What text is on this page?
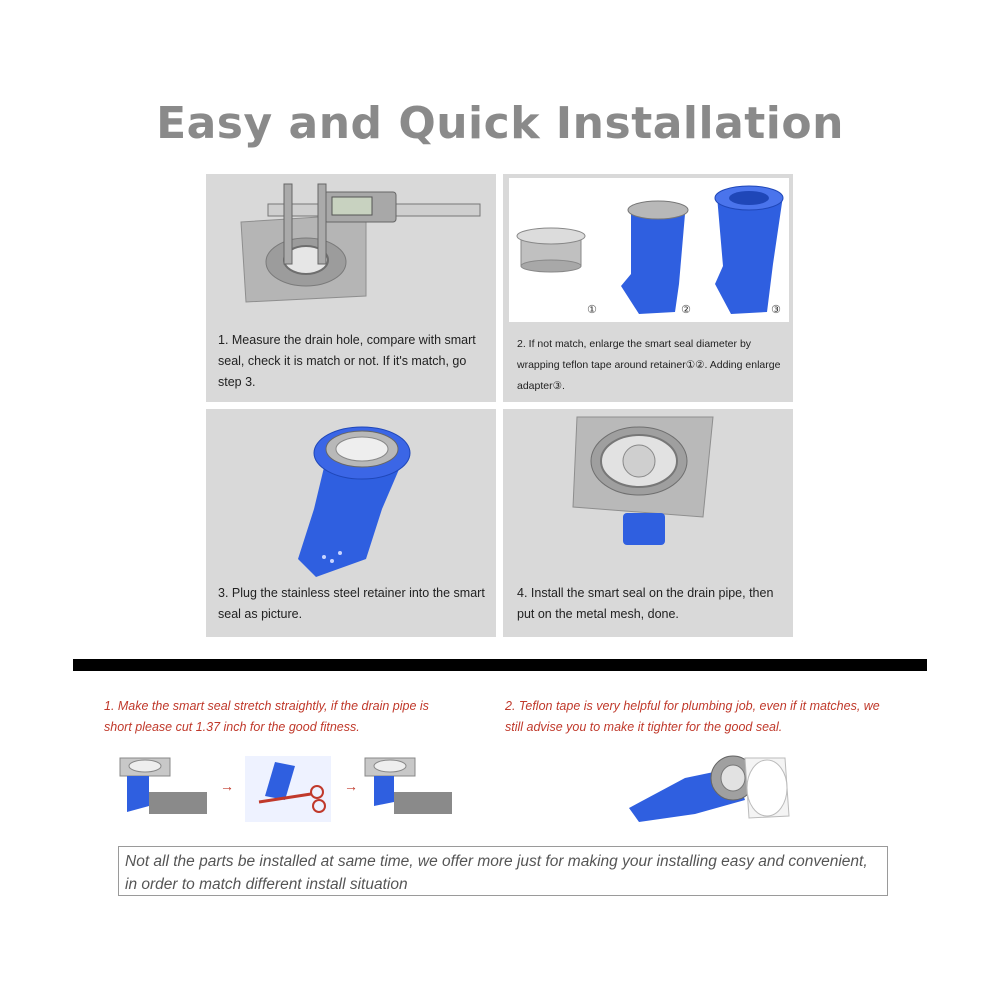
Easy and Quick Installation
1. Measure the drain hole, compare with smart seal, check it is match or not. If it's match, go step 3.
①	②	③
2. If not match, enlarge the smart seal diameter by wrapping teflon tape around retainer①②. Adding enlarge adapter③.
3. Plug the stainless steel retainer into the smart seal as picture.
4. Install the smart seal on the drain pipe, then put on the metal mesh, done.
1. Make the smart seal stretch straightly, if the drain pipe is short please cut 1.37 inch for the good fitness.
2. Teflon tape is very helpful for plumbing job, even if it matches, we still advise you to make it tighter for the good seal.
→	→
Not all the parts be installed at same time, we offer more just for making your installing easy and convenient, in order to match different install situation
